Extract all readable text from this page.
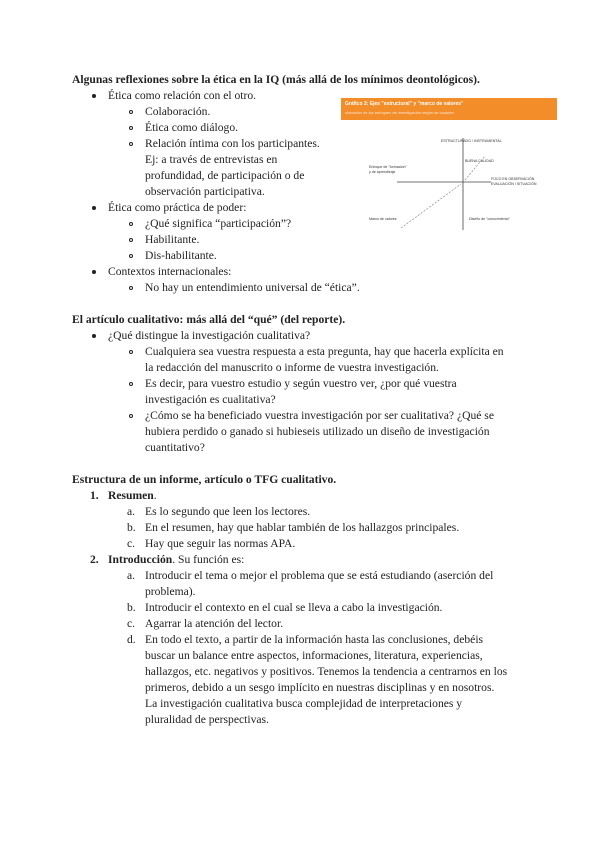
Algunas reflexiones sobre la ética en la IQ (más allá de los mínimos deontológicos).
Ética como relación con el otro.
Colaboración.
Ética como diálogo.
Relación íntima con los participantes.
Ej: a través de entrevistas en
profundidad, de participación o de
observación participativa.
Ética como práctica de poder:
¿Qué significa “participación”?
Habilitante.
Dis-habilitante.
Contextos internacionales:
No hay un entendimiento universal de “ética”.
Gráfico 3: Ejes "estructural" y "marco de valores"
ubicación de los enfoques de investigación según su carácter
ESTRUCTURADO / INSTRUMENTAL
Enfoque de "formación"
y de aprendizaje
BUENA CALIDAD
FOCO EN OBSERVACIÓN
EVALUACIÓN / SITUACIÓN
Marco de valores	Diseño de "conocimiento"
El artículo cualitativo: más allá del “qué” (del reporte).
¿Qué distingue la investigación cualitativa?
Cualquiera sea vuestra respuesta a esta pregunta, hay que hacerla explícita en
la redacción del manuscrito o informe de vuestra investigación.
Es decir, para vuestro estudio y según vuestro ver, ¿por qué vuestra
investigación es cualitativa?
¿Cómo se ha beneficiado vuestra investigación por ser cualitativa? ¿Qué se
hubiera perdido o ganado si hubieseis utilizado un diseño de investigación
cuantitativo?
Estructura de un informe, artículo o TFG cualitativo.
1. Resumen.
a. Es lo segundo que leen los lectores.
b. En el resumen, hay que hablar también de los hallazgos principales.
c. Hay que seguir las normas APA.
2. Introducción. Su función es:
a. Introducir el tema o mejor el problema que se está estudiando (aserción del
problema).
b. Introducir el contexto en el cual se lleva a cabo la investigación.
c. Agarrar la atención del lector.
d. En todo el texto, a partir de la información hasta las conclusiones, debéis
buscar un balance entre aspectos, informaciones, literatura, experiencias,
hallazgos, etc. negativos y positivos. Tenemos la tendencia a centrarnos en los
primeros, debido a un sesgo implícito en nuestras disciplinas y en nosotros.
La investigación cualitativa busca complejidad de interpretaciones y
pluralidad de perspectivas.
